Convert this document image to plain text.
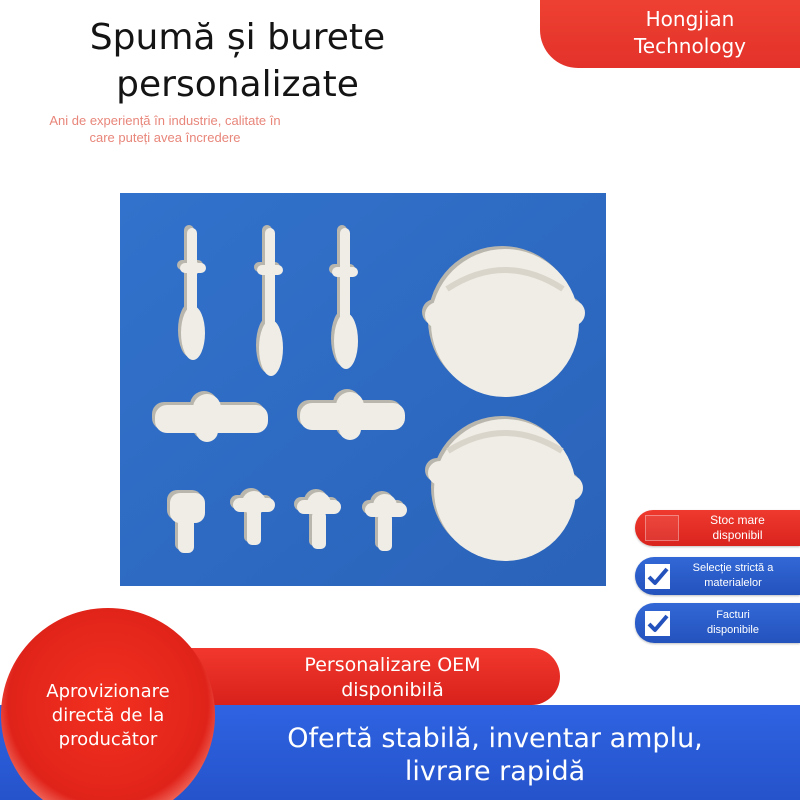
Spumă și burete
personalizate
Ani de experiență în industrie, calitate în
care puteți avea încredere
Hongjian
Technology
Stoc mare
disponibil
Selecție strictă a
materialelor
Facturi
disponibile
Personalizare OEM
disponibilă
Ofertă stabilă, inventar amplu,
livrare rapidă
Aprovizionare
directă de la
producător
